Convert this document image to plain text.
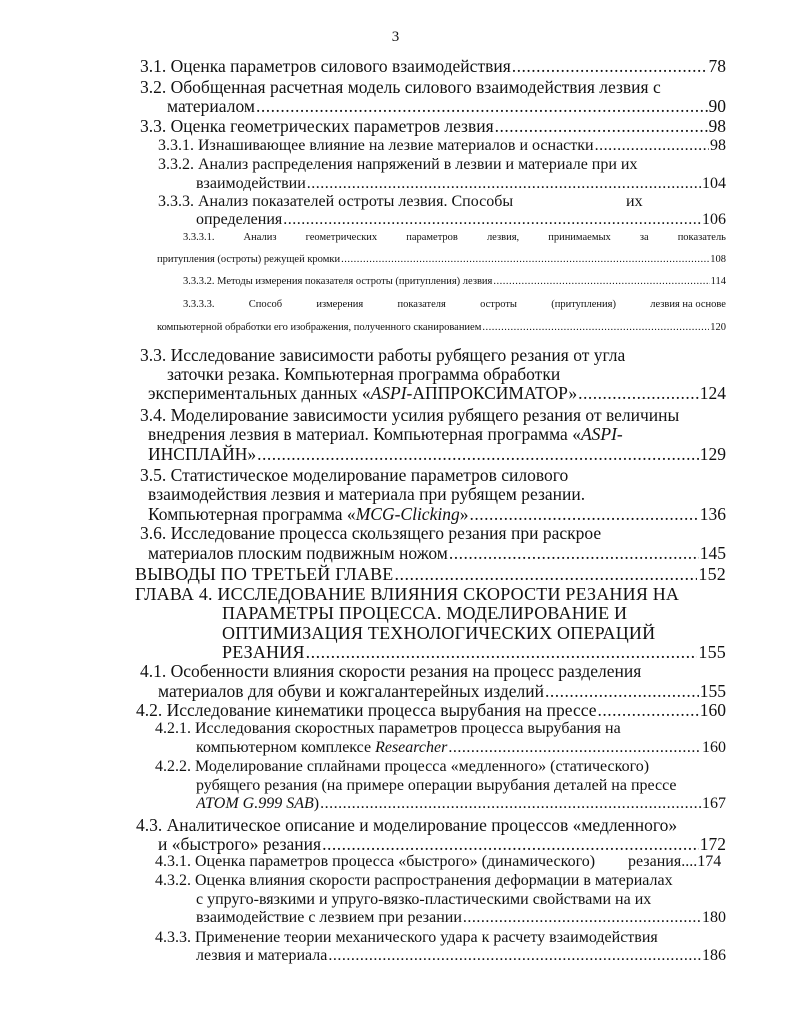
3
3.1. Оценка параметров силового взаимодействия .....	78
3.2. Обобщенная расчетная модель силового взаимодействия лезвия с
материалом .....	90
3.3. Оценка геометрических параметров лезвия .....	98
3.3.1. Изнашивающее влияние на лезвие материалов и оснастки .....	98
3.3.2. Анализ распределения напряжений в лезвии и материале при их
взаимодействии .....	104
3.3.3. Анализ показателей остроты лезвия. Способы	их
определения .....	106
3.3.3.1.	Анализ	геометрических	параметров	лезвия,	принимаемых	за	показатель
притупления (остроты) режущей кромки .....	108
3.3.3.2. Методы измерения показателя остроты (притупления) лезвия .....	114
3.3.3.3.	Способ	измерения	показателя	остроты	(притупления)	лезвия на основе
компьютерной обработки его изображения, полученного сканированием .....	120
3.3. Исследование зависимости работы рубящего резания от угла
заточки резака. Компьютерная программа обработки
экспериментальных данных «ASPI-АППРОКСИМАТОР» .....	124
3.4. Моделирование зависимости усилия рубящего резания от величины
внедрения лезвия в материал. Компьютерная программа «ASPI-
ИНСПЛАЙН» .....	129
3.5. Статистическое моделирование параметров силового
взаимодействия лезвия и материала при рубящем резании.
Компьютерная программа «MCG-Clicking» .....	136
3.6. Исследование процесса скользящего резания при раскрое
материалов плоским подвижным ножом .....	145
ВЫВОДЫ ПО ТРЕТЬЕЙ ГЛАВЕ .....	152
ГЛАВА 4. ИССЛЕДОВАНИЕ ВЛИЯНИЯ СКОРОСТИ РЕЗАНИЯ НА
ПАРАМЕТРЫ ПРОЦЕССА. МОДЕЛИРОВАНИЕ И
ОПТИМИЗАЦИЯ ТЕХНОЛОГИЧЕСКИХ ОПЕРАЦИЙ
РЕЗАНИЯ .....	155
4.1. Особенности влияния скорости резания на процесс разделения
материалов для обуви и кожгалантерейных изделий .....	155
4.2. Исследование кинематики процесса вырубания на прессе .....	160
4.2.1. Исследования скоростных параметров процесса вырубания на
компьютерном комплексе Researcher .....	160
4.2.2. Моделирование сплайнами процесса «медленного» (статического)
рубящего резания (на примере операции вырубания деталей на прессе
ATOM G.999 SAB) .....	167
4.3. Аналитическое описание и моделирование процессов «медленного»
и «быстрого» резания .....	172
4.3.1. Оценка параметров процесса «быстрого» (динамического) резания....174
4.3.2. Оценка влияния скорости распространения деформации в материалах
с упруго-вязкими и упруго-вязко-пластическими свойствами на их
взаимодействие с лезвием при резании .....	180
4.3.3. Применение теории механического удара к расчету взаимодействия
лезвия и материала .....	186
